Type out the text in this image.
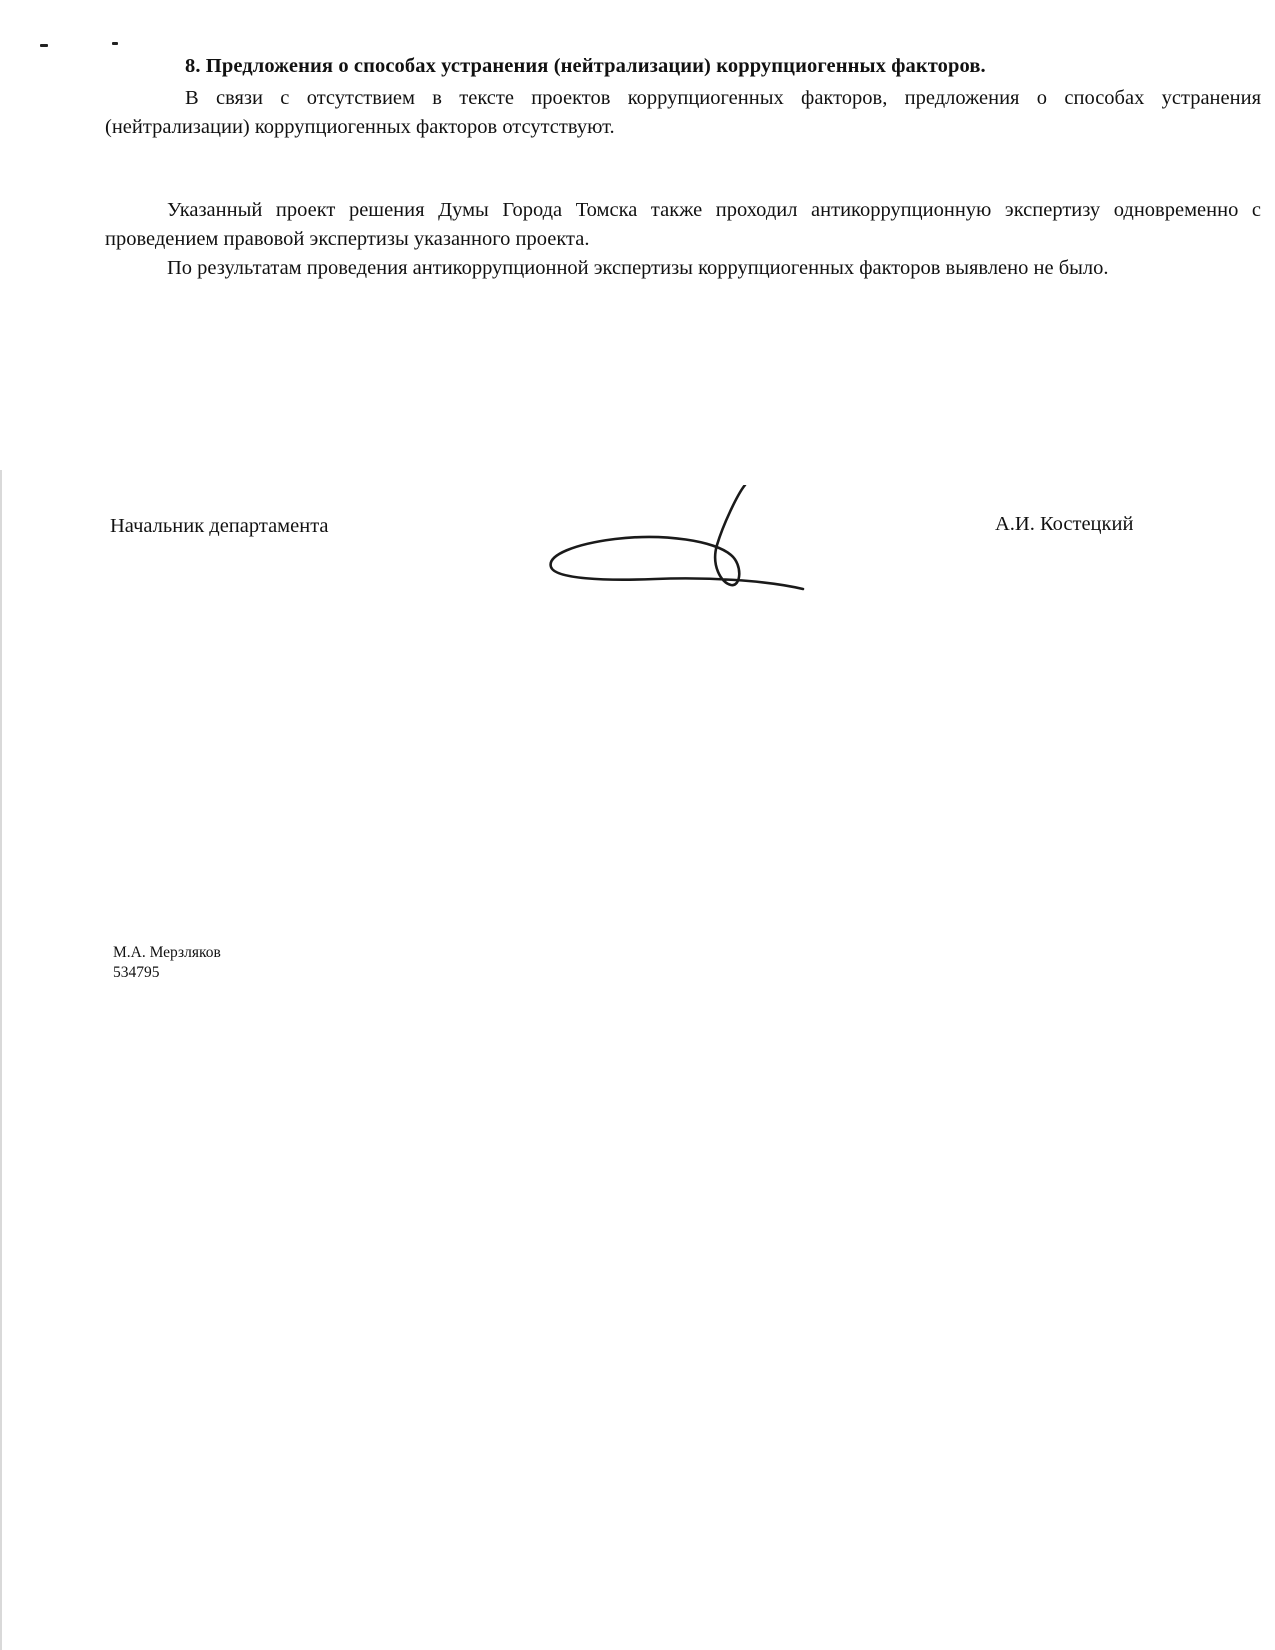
8. Предложения о способах устранения (нейтрализации) коррупциогенных факторов.

В связи с отсутствием в тексте проектов коррупциогенных факторов, предложения о способах устранения (нейтрализации) коррупциогенных факторов отсутствуют.

Указанный проект решения Думы Города Томска также проходил антикоррупционную экспертизу одновременно с проведением правовой экспертизы указанного проекта.

По результатам проведения антикоррупционной экспертизы коррупциогенных факторов выявлено не было.

Начальник департамента	А.И. Костецкий
М.А. Мерзляков
534795
